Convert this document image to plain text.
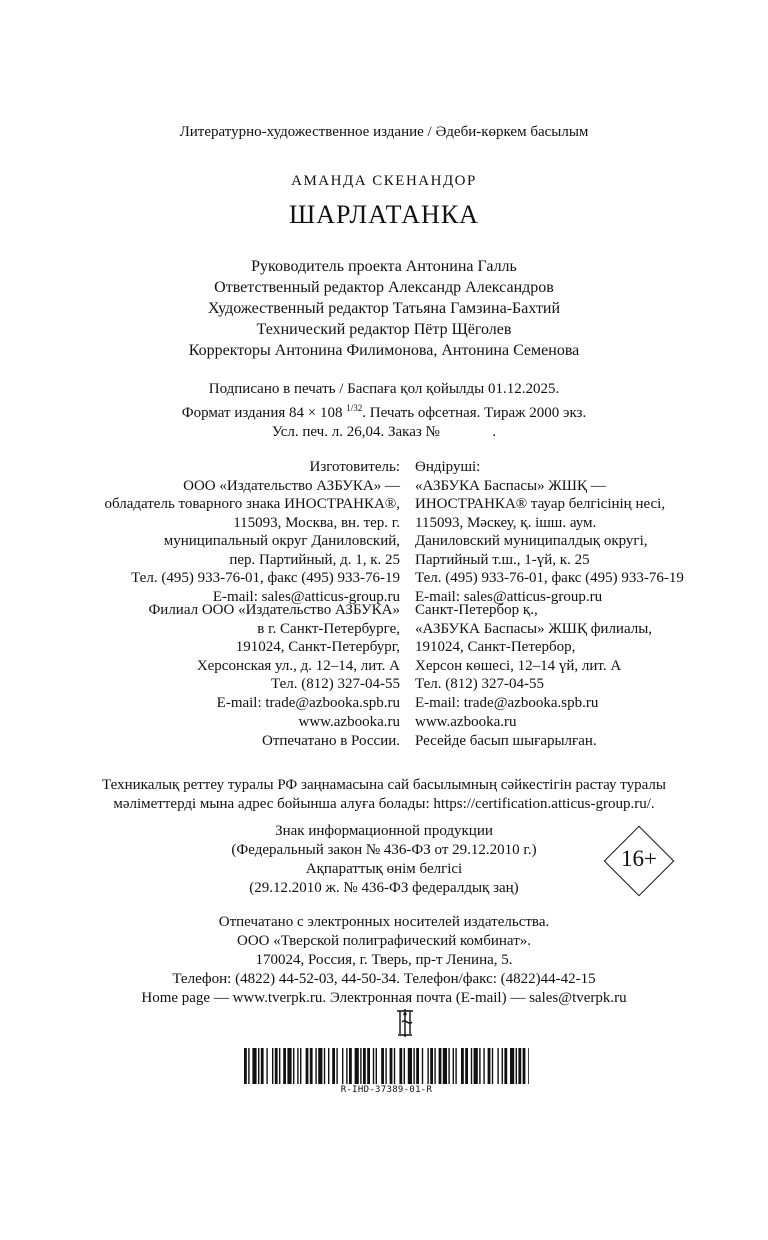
Литературно-художественное издание / Әдеби-көркем басылым
АМАНДА СКЕНАНДОР
ШАРЛАТАНКА
Руководитель проекта Антонина Галль
Ответственный редактор Александр Александров
Художественный редактор Татьяна Гамзина-Бахтий
Технический редактор Пётр Щёголев
Корректоры Антонина Филимонова, Антонина Семенова
Подписано в печать / Баспаға қол қойылды 01.12.2025.
Формат издания 84 × 108 $^{1/32}$. Печать офсетная. Тираж 2000 экз.
Усл. печ. л. 26,04. Заказ №              .
Изготовитель:
ООО «Издательство АЗБУКА» —
обладатель товарного знака ИНОСТРАНКА®,
115093, Москва, вн. тер. г.
муниципальный округ Даниловский,
пер. Партийный, д. 1, к. 25
Тел. (495) 933-76-01, факс (495) 933-76-19
E-mail: sales@atticus-group.ru
Өндіруші:
«АЗБУКА Баспасы» ЖШҚ —
ИНОСТРАНКА® тауар белгісінің несі,
115093, Мәскеу, қ. ішш. аум.
Даниловский муниципалдық округі,
Партийный т.ш., 1-үй, к. 25
Тел. (495) 933-76-01, факс (495) 933-76-19
E-mail: sales@atticus-group.ru
Филиал ООО «Издательство АЗБУКА»
в г. Санкт-Петербурге,
191024, Санкт-Петербург,
Херсонская ул., д. 12–14, лит. А
Тел. (812) 327-04-55
E-mail: trade@azbooka.spb.ru
Санкт-Петербор қ.,
«АЗБУКА Баспасы» ЖШҚ филиалы,
191024, Санкт-Петербор,
Херсон көшесі, 12–14 үй, лит. А
Тел. (812) 327-04-55
E-mail: trade@azbooka.spb.ru
www.azbooka.ru
Отпечатано в России.
www.azbooka.ru
Ресейде басып шығарылған.
Техникалық реттеу туралы РФ заңнамасына сай басылымның сәйкестігін растау туралы
мәліметтерді мына адрес бойынша алуға болады: https://certification.atticus-group.ru/.
Знак информационной продукции
(Федеральный закон № 436-ФЗ от 29.12.2010 г.)
Ақпараттық өнім белгісі
(29.12.2010 ж. № 436-ФЗ федералдық заң)
16+
Отпечатано с электронных носителей издательства.
ООО «Тверской полиграфический комбинат».
170024, Россия, г. Тверь, пр-т Ленина, 5.
Телефон: (4822) 44-52-03, 44-50-34. Телефон/факс: (4822)44-42-15
Home page — www.tverpk.ru. Электронная почта (E-mail) — sales@tverpk.ru
R-IHD-37389-01-R
